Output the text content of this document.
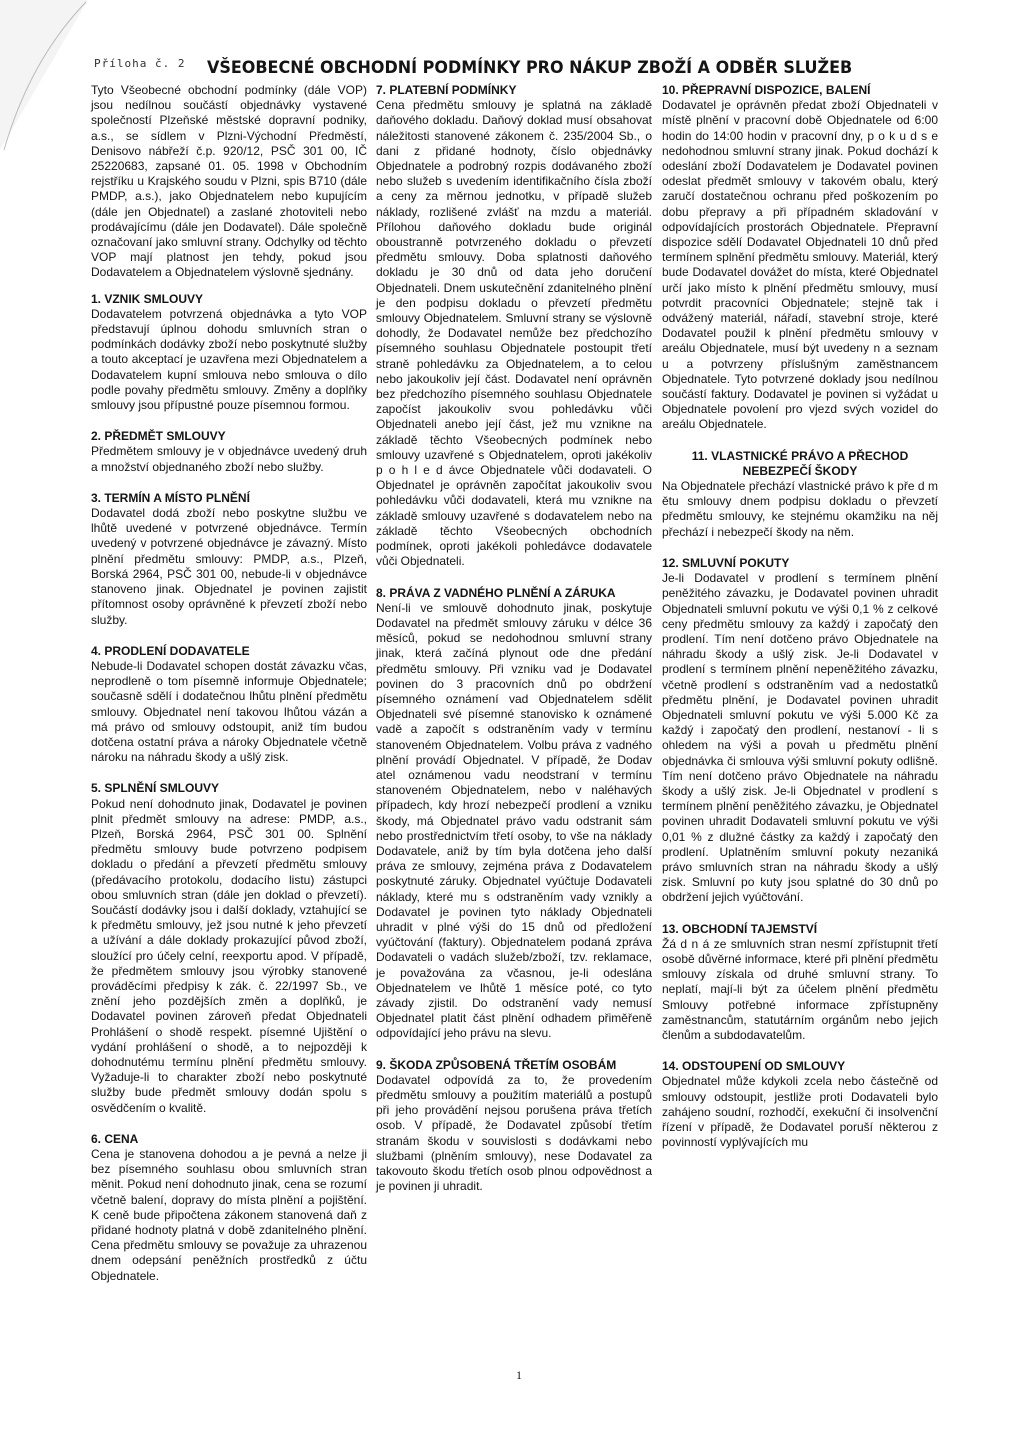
Příloha č. 2 VŠEOBECNÉ OBCHODNÍ PODMÍNKY PRO NÁKUP ZBOŽÍ A ODBĚR SLUŽEB

Tyto Všeobecné obchodní podmínky (dále VOP) jsou nedílnou součástí objednávky vystavené společností Plzeňské městské dopravní podniky, a.s., se sídlem v Plzni-Východní Předměstí, Denisovo nábřeží č.p. 920/12, PSČ 301 00, IČ 25220683, zapsané 01. 05. 1998 v Obchodním rejstříku u Krajského soudu v Plzni, spis B710 (dále PMDP, a.s.), jako Objednatelem nebo kupujícím (dále jen Objednatel) a zaslané zhotoviteli nebo prodávajícímu (dále jen Dodavatel). Dále společně označovaní jako smluvní strany. Odchylky od těchto VOP mají platnost jen tehdy, pokud jsou Dodavatelem a Objednatelem výslovně sjednány.

1. VZNIK SMLOUVY

Dodavatelem potvrzená objednávka a tyto VOP představují úplnou dohodu smluvních stran o podmínkách dodávky zboží nebo poskytnuté služby a touto akceptací je uzavřena mezi Objednatelem a Dodavatelem kupní smlouva nebo smlouva o dílo podle povahy předmětu smlouvy. Změny a doplňky smlouvy jsou přípustné pouze písemnou formou.

2. PŘEDMĚT SMLOUVY

Předmětem smlouvy je v objednávce uvedený druh a množství objednaného zboží nebo služby.

3. TERMÍN A MÍSTO PLNĚNÍ

Dodavatel dodá zboží nebo poskytne službu ve lhůtě uvedené v potvrzené objednávce. Termín uvedený v potvrzené objednávce je závazný. Místo plnění předmětu smlouvy: PMDP, a.s., Plzeň, Borská 2964, PSČ 301 00, nebude-li v objednávce stanoveno jinak. Objednatel je povinen zajistit přítomnost osoby oprávněné k převzetí zboží nebo služby.

4. PRODLENÍ DODAVATELE

Nebude-li Dodavatel schopen dostát závazku včas, neprodleně o tom písemně informuje Objednatele; současně sdělí i dodatečnou lhůtu plnění předmětu smlouvy. Objednatel není takovou lhůtou vázán a má právo od smlouvy odstoupit, aniž tím budou dotčena ostatní práva a nároky Objednatele včetně nároku na náhradu škody a ušlý zisk.

5. SPLNĚNÍ SMLOUVY

Pokud není dohodnuto jinak, Dodavatel je povinen plnit předmět smlouvy na adrese: PMDP, a.s., Plzeň, Borská 2964, PSČ 301 00. Splnění předmětu smlouvy bude potvrzeno podpisem dokladu o předání a převzetí předmětu smlouvy (předávacího protokolu, dodacího listu) zástupci obou smluvních stran (dále jen doklad o převzetí). Součástí dodávky jsou i další doklady, vztahující se k předmětu smlouvy, jež jsou nutné k jeho převzetí a užívání a dále doklady prokazující původ zboží, sloužící pro účely celní, reexportu apod. V případě, že předmětem smlouvy jsou výrobky stanovené prováděcími předpisy k zák. č. 22/1997 Sb., ve znění jeho pozdějších změn a doplňků, je Dodavatel povinen zároveň předat Objednateli Prohlášení o shodě respekt. písemné Ujištění o vydání prohlášení o shodě, a to nejpozději k dohodnutému termínu plnění předmětu smlouvy. Vyžaduje-li to charakter zboží nebo poskytnuté služby bude předmět smlouvy dodán spolu s osvědčením o kvalitě.

6. CENA

Cena je stanovena dohodou a je pevná a nelze ji bez písemného souhlasu obou smluvních stran měnit. Pokud není dohodnuto jinak, cena se rozumí včetně balení, dopravy do místa plnění a pojištění. K ceně bude připočtena zákonem stanovená daň z přidané hodnoty platná v době zdanitelného plnění. Cena předmětu smlouvy se považuje za uhrazenou dnem odepsání peněžních prostředků z účtu Objednatele.

7. PLATEBNÍ PODMÍNKY

Cena předmětu smlouvy je splatná na základě daňového dokladu. Daňový doklad musí obsahovat náležitosti stanovené zákonem č. 235/2004 Sb., o dani z přidané hodnoty, číslo objednávky Objednatele a podrobný rozpis dodávaného zboží nebo služeb s uvedením identifikačního čísla zboží a ceny za měrnou jednotku, v případě služeb náklady, rozlišené zvlášť na mzdu a materiál. Přílohou daňového dokladu bude originál oboustranně potvrzeného dokladu o převzetí předmětu smlouvy. Doba splatnosti daňového dokladu je 30 dnů od data jeho doručení Objednateli. Dnem uskutečnění zdanitelného plnění je den podpisu dokladu o převzetí předmětu smlouvy Objednatelem. Smluvní strany se výslovně dohodly, že Dodavatel nemůže bez předchozího písemného souhlasu Objednatele postoupit třetí straně pohledávku za Objednatelem, a to celou nebo jakoukoliv její část. Dodavatel není oprávněn bez předchozího písemného souhlasu Objednatele započíst jakoukoliv svou pohledávku vůči Objednateli anebo její část, jež mu vznikne na základě těchto Všeobecných podmínek nebo smlouvy uzavřené s Objednatelem, oproti jakékoliv p o h l e d ávce Objednatele vůči dodavateli. O Objednatel je oprávněn započítat jakoukoliv svou pohledávku vůči dodavateli, která mu vznikne na základě smlouvy uzavřené s dodavatelem nebo na základě těchto Všeobecných obchodních podmínek, oproti jakékoli pohledávce dodavatele vůči Objednateli.

8. PRÁVA Z VADNÉHO PLNĚNÍ A ZÁRUKA

Není-li ve smlouvě dohodnuto jinak, poskytuje Dodavatel na předmět smlouvy záruku v délce 36 měsíců, pokud se nedohodnou smluvní strany jinak, která začíná plynout ode dne předání předmětu smlouvy. Při vzniku vad je Dodavatel povinen do 3 pracovních dnů po obdržení písemného oznámení vad Objednatelem sdělit Objednateli své písemné stanovisko k oznámené vadě a započít s odstraněním vady v termínu stanoveném Objednatelem. Volbu práva z vadného plnění provádí Objednatel. V případě, že Dodav atel oznámenou vadu neodstraní v termínu stanoveném Objednatelem, nebo v naléhavých případech, kdy hrozí nebezpečí prodlení a vzniku škody, má Objednatel právo vadu odstranit sám nebo prostřednictvím třetí osoby, to vše na náklady Dodavatele, aniž by tím byla dotčena jeho další práva ze smlouvy, zejména práva z Dodavatelem poskytnuté záruky. Objednatel vyúčtuje Dodavateli náklady, které mu s odstraněním vady vznikly a Dodavatel je povinen tyto náklady Objednateli uhradit v plné výši do 15 dnů od předložení vyúčtování (faktury). Objednatelem podaná zpráva Dodavateli o vadách služeb/zboží, tzv. reklamace, je považována za včasnou, je-li odeslána Objednatelem ve lhůtě 1 měsíce poté, co tyto závady zjistil. Do odstranění vady nemusí Objednatel platit část plnění odhadem přiměřeně odpovídající jeho právu na slevu.

9. ŠKODA ZPŮSOBENÁ TŘETÍM OSOBÁM

Dodavatel odpovídá za to, že provedením předmětu smlouvy a použitím materiálů a postupů při jeho provádění nejsou porušena práva třetích osob. V případě, že Dodavatel způsobí třetím stranám škodu v souvislosti s dodávkami nebo službami (plněním smlouvy), nese Dodavatel za takovouto škodu třetích osob plnou odpovědnost a je povinen ji uhradit.

10. PŘEPRAVNÍ DISPOZICE, BALENÍ

Dodavatel je oprávněn předat zboží Objednateli v místě plnění v pracovní době Objednatele od 6:00 hodin do 14:00 hodin v pracovní dny, p o k u d s e nedohodnou smluvní strany jinak. Pokud dochází k odeslání zboží Dodavatelem je Dodavatel povinen odeslat předmět smlouvy v takovém obalu, který zaručí dostatečnou ochranu před poškozením po dobu přepravy a při případném skladování v odpovídajících prostorách Objednatele. Přepravní dispozice sdělí Dodavatel Objednateli 10 dnů před termínem splnění předmětu smlouvy. Materiál, který bude Dodavatel dovážet do místa, které Objednatel určí jako místo k plnění předmětu smlouvy, musí potvrdit pracovníci Objednatele; stejně tak i odvážený materiál, nářadí, stavební stroje, které Dodavatel použil k plnění předmětu smlouvy v areálu Objednatele, musí být uvedeny n a seznam u a potvrzeny příslušným zaměstnancem Objednatele. Tyto potvrzené doklady jsou nedílnou součástí faktury. Dodavatel je povinen si vyžádat u Objednatele povolení pro vjezd svých vozidel do areálu Objednatele.

11. VLASTNICKÉ PRÁVO A PŘECHOD NEBEZPEČÍ ŠKODY

Na Objednatele přechází vlastnické právo k pře d m ětu smlouvy dnem podpisu dokladu o převzetí předmětu smlouvy, ke stejnému okamžiku na něj přechází i nebezpečí škody na něm.

12. SMLUVNÍ POKUTY

Je-li Dodavatel v prodlení s termínem plnění peněžitého závazku, je Dodavatel povinen uhradit Objednateli smluvní pokutu ve výši 0,1 % z celkové ceny předmětu smlouvy za každý i započatý den prodlení. Tím není dotčeno právo Objednatele na náhradu škody a ušlý zisk. Je-li Dodavatel v prodlení s termínem plnění nepeněžitého závazku, včetně prodlení s odstraněním vad a nedostatků předmětu plnění, je Dodavatel povinen uhradit Objednateli smluvní pokutu ve výši 5.000 Kč za každý i započatý den prodlení, nestanoví - li s ohledem na výši a povah u předmětu plnění objednávka či smlouva výši smluvní pokuty odlišně. Tím není dotčeno právo Objednatele na náhradu škody a ušlý zisk. Je-li Objednatel v prodlení s termínem plnění peněžitého závazku, je Objednatel povinen uhradit Dodavateli smluvní pokutu ve výši 0,01 % z dlužné částky za každý i započatý den prodlení. Uplatněním smluvní pokuty nezaniká právo smluvních stran na náhradu škody a ušlý zisk. Smluvní po kuty jsou splatné do 30 dnů po obdržení jejich vyúčtování.

13. OBCHODNÍ TAJEMSTVÍ

Žá d n á ze smluvních stran nesmí zpřístupnit třetí osobě důvěrné informace, které při plnění předmětu smlouvy získala od druhé smluvní strany. To neplatí, mají-li být za účelem plnění předmětu Smlouvy potřebné informace zpřístupněny zaměstnancům, statutárním orgánům nebo jejich členům a subdodavatelům.

14. ODSTOUPENÍ OD SMLOUVY

Objednatel může kdykoli zcela nebo částečně od smlouvy odstoupit, jestliže proti Dodavateli bylo zahájeno soudní, rozhodčí, exekuční či insolvenční řízení v případě, že Dodavatel poruší některou z povinností vyplývajících mu

1
